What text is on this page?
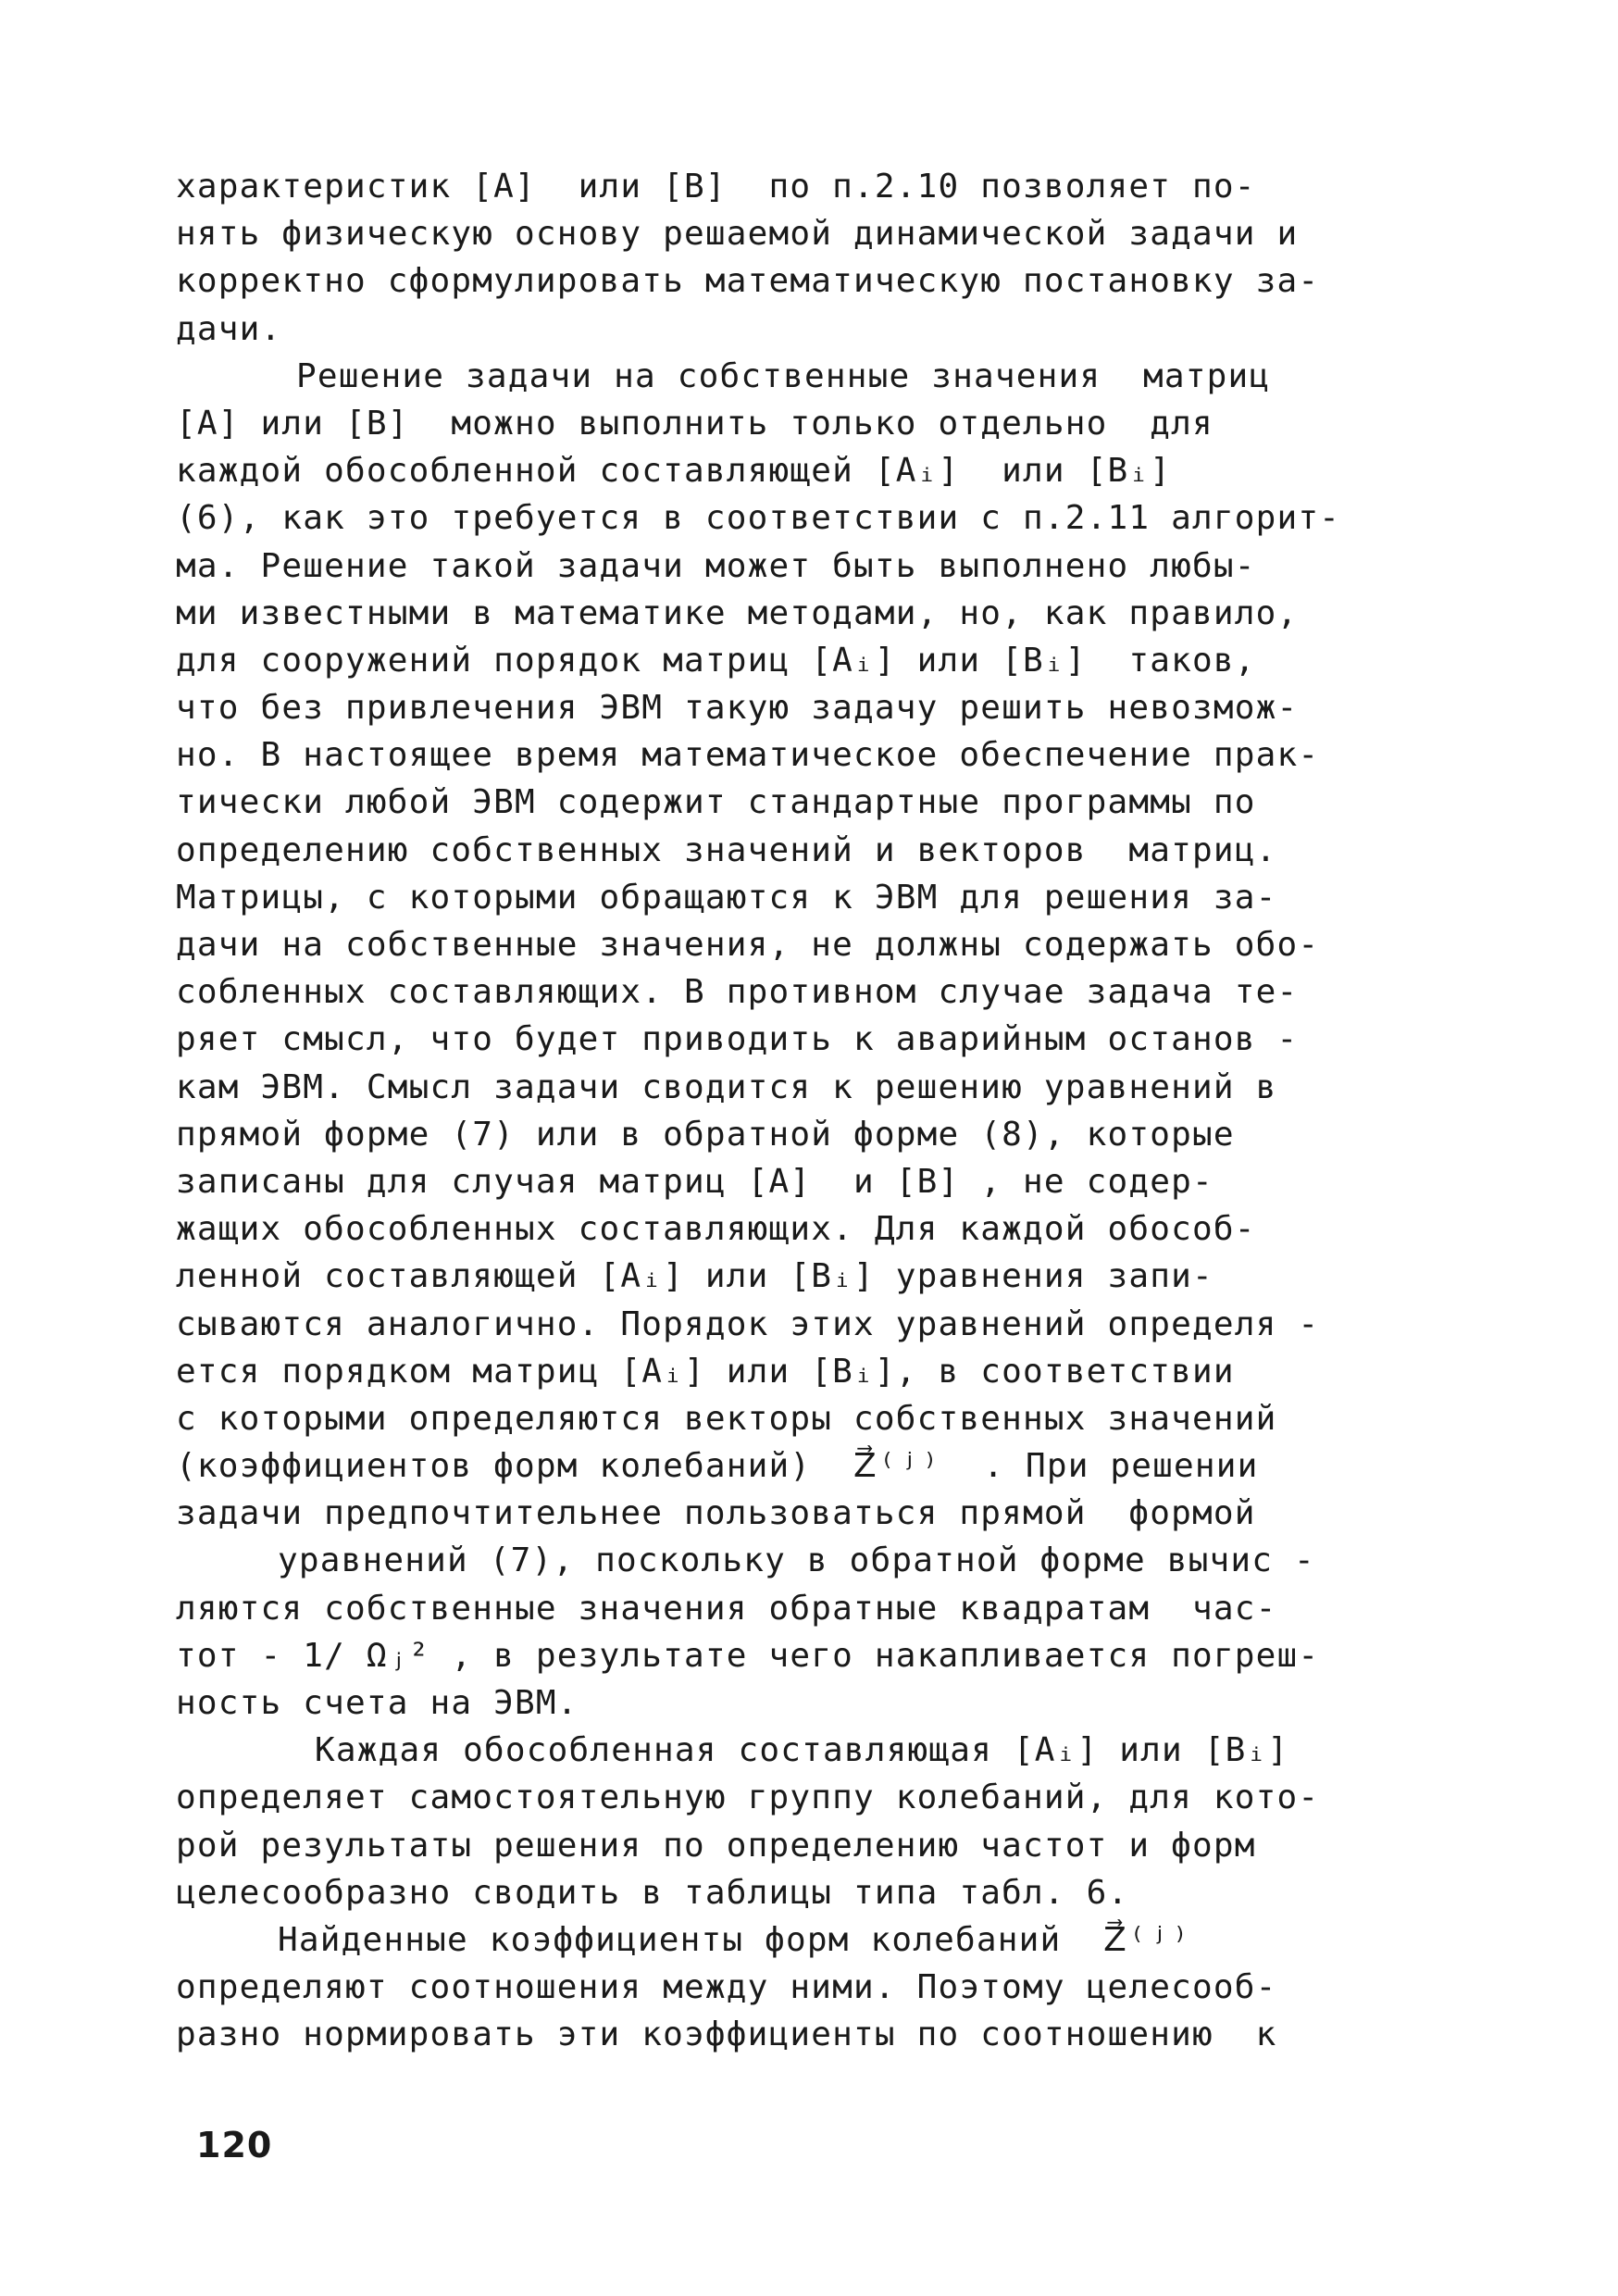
характеристик [A]  или [B]  по п.2.10 позволяет по-
нять физическую основу решаемой динамической задачи и
корректно сформулировать математическую постановку за-
дачи.
Решение задачи на собственные значения  матриц
[A] или [B]  можно выполнить только отдельно  для
каждой обособленной составляющей [Aᵢ]  или [Bᵢ]
(6), как это требуется в соответствии с п.2.11 алгорит-
ма. Решение такой задачи может быть выполнено любы-
ми известными в математике методами, но, как правило,
для сооружений порядок матриц [Aᵢ] или [Bᵢ]  таков,
что без привлечения ЭВМ такую задачу решить невозмож-
но. В настоящее время математическое обеспечение прак-
тически любой ЭВМ содержит стандартные программы по
определению собственных значений и векторов  матриц.
Матрицы, с которыми обращаются к ЭВМ для решения за-
дачи на собственные значения, не должны содержать обо-
собленных составляющих. В противном случае задача те-
ряет смысл, что будет приводить к аварийным останов -
кам ЭВМ. Смысл задачи сводится к решению уравнений в
прямой форме (7) или в обратной форме (8), которые
записаны для случая матриц [A]  и [B] , не содер-
жащих обособленных составляющих. Для каждой обособ-
ленной составляющей [Aᵢ] или [Bᵢ] уравнения запи-
сываются аналогично. Порядок этих уравнений определя -
ется порядком матриц [Aᵢ] или [Bᵢ], в соответствии
с которыми определяются векторы собственных значений
(коэффициентов форм колебаний)  Z⃗⁽ʲ⁾  . При решении
задачи предпочтительнее пользоваться прямой  формой
уравнений (7), поскольку в обратной форме вычис -
ляются собственные значения обратные квадратам  час-
тот - 1/ Ωⱼ² , в результате чего накапливается погреш-
ность счета на ЭВМ.
Каждая обособленная составляющая [Aᵢ] или [Bᵢ]
определяет самостоятельную группу колебаний, для кото-
рой результаты решения по определению частот и форм
целесообразно сводить в таблицы типа табл. 6.
Найденные коэффициенты форм колебаний  Z⃗⁽ʲ⁾
определяют соотношения между ними. Поэтому целесооб-
разно нормировать эти коэффициенты по соотношению  к
120
